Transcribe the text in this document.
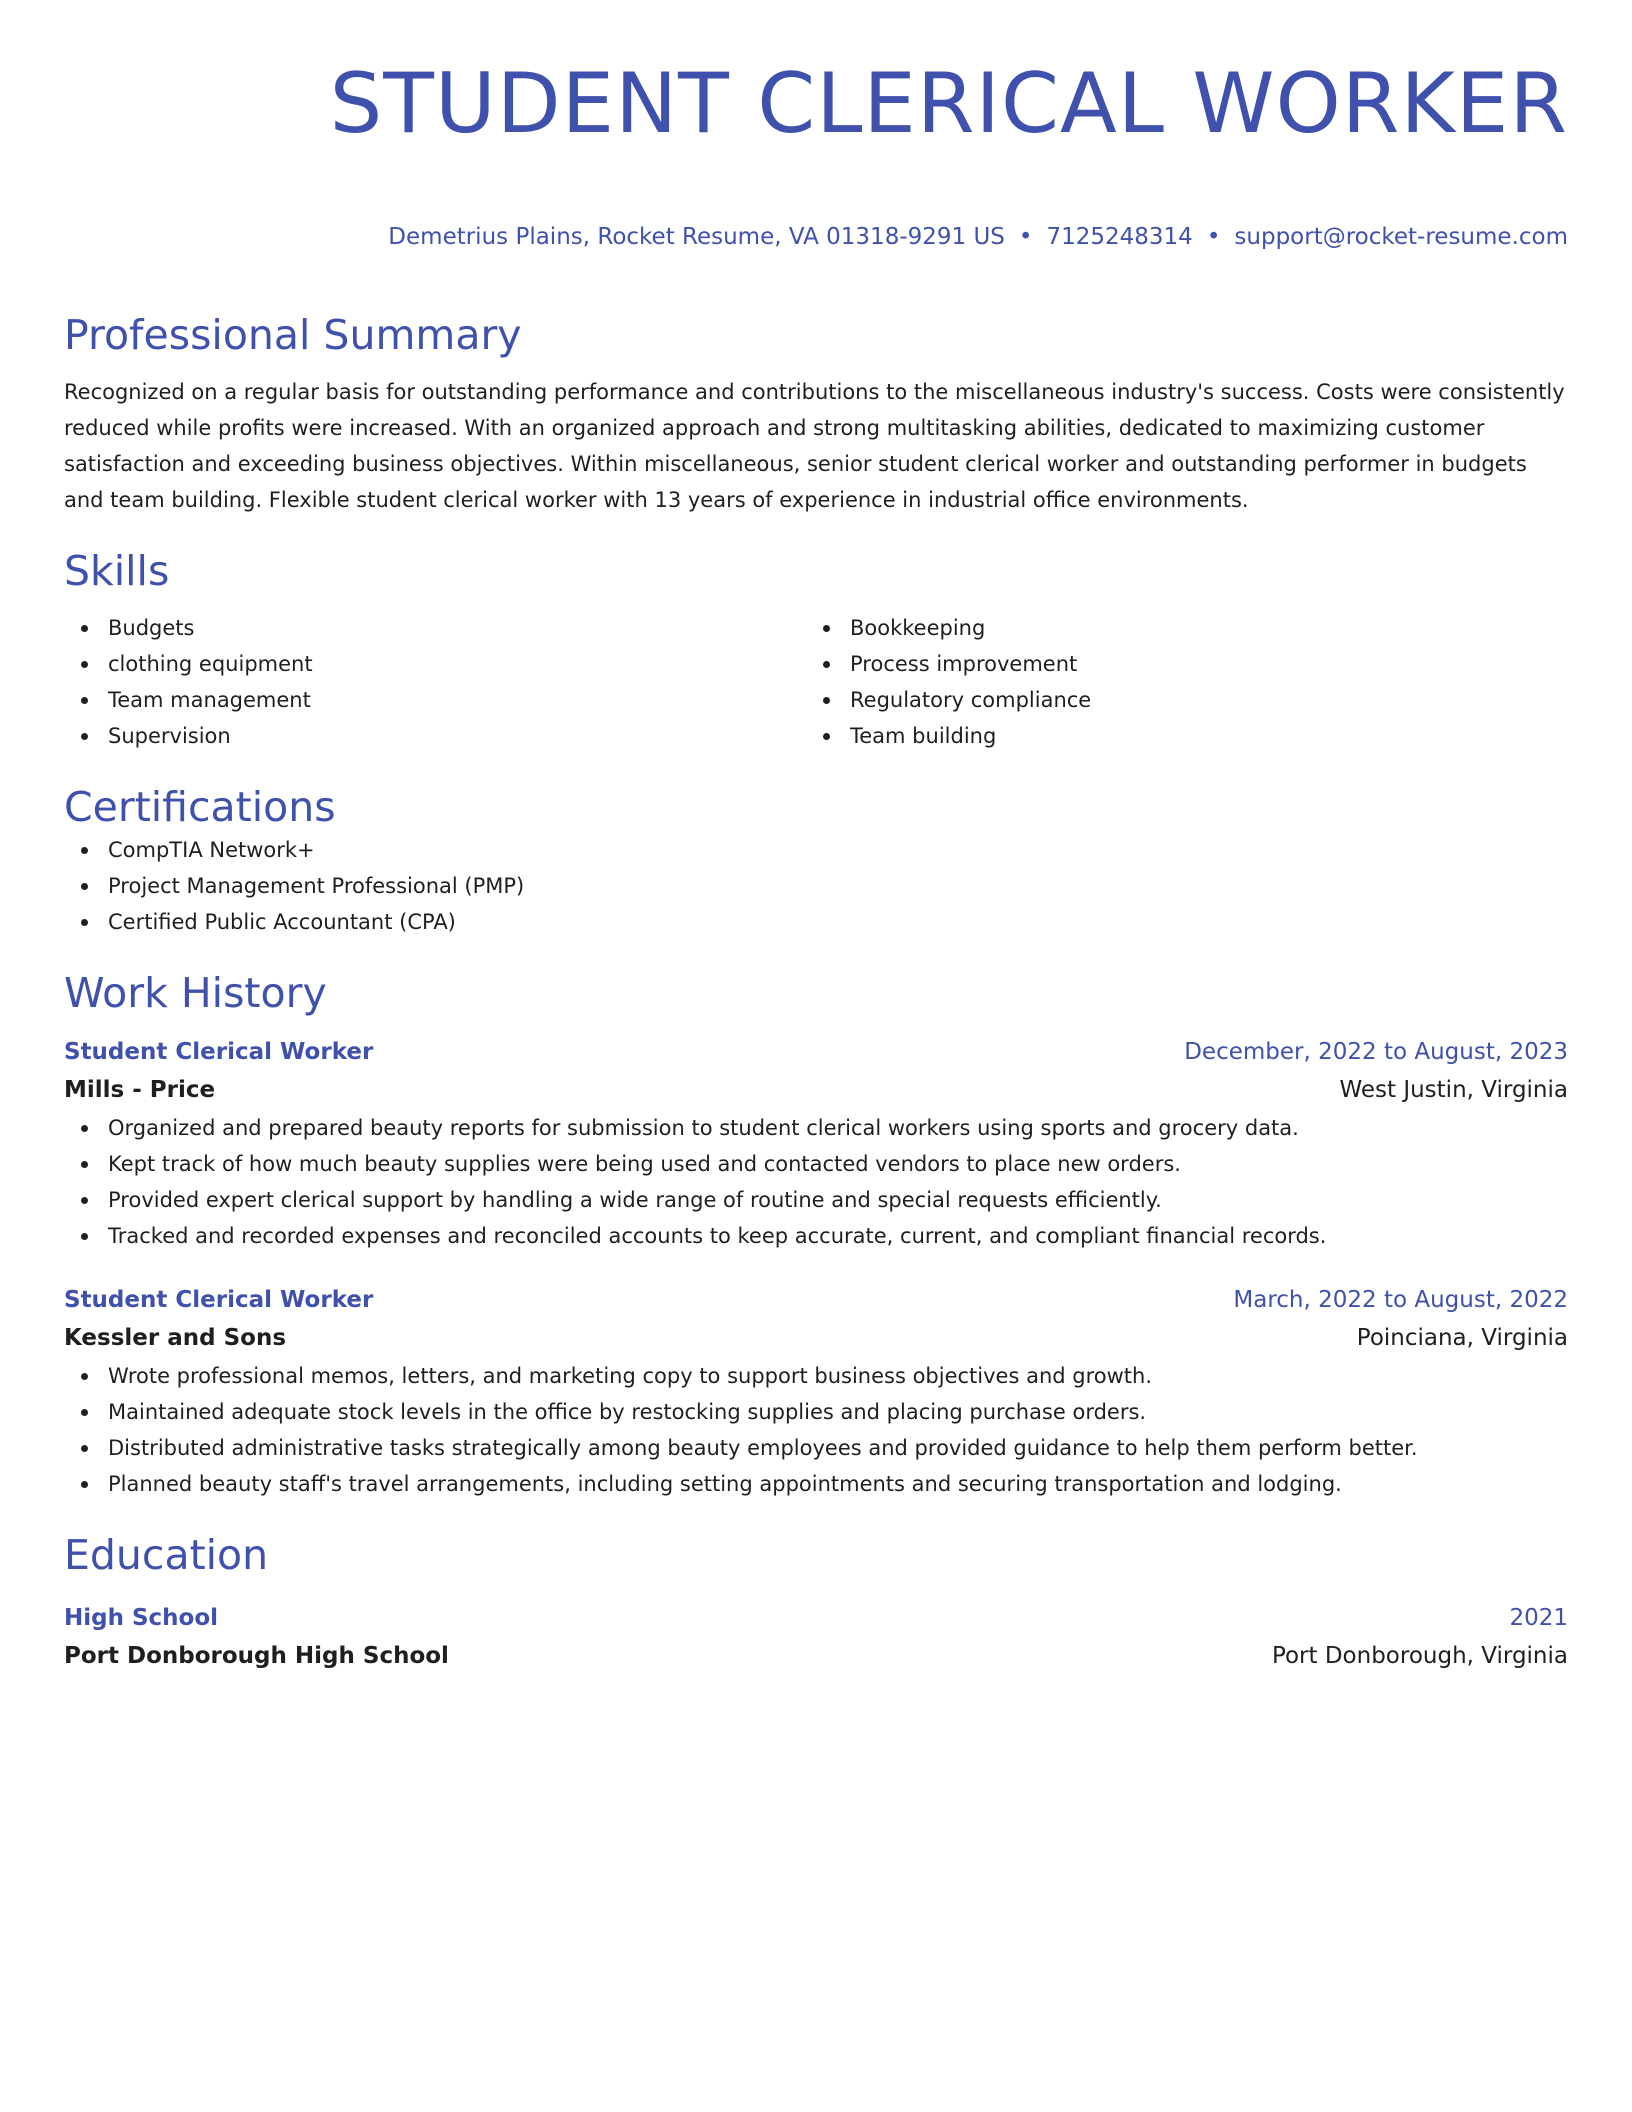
STUDENT CLERICAL WORKER
Demetrius Plains, Rocket Resume, VA 01318-9291 US • 7125248314 • support@rocket-resume.com
Professional Summary

Recognized on a regular basis for outstanding performance and contributions to the miscellaneous industry's success. Costs were consistently reduced while profits were increased. With an organized approach and strong multitasking abilities, dedicated to maximizing customer satisfaction and exceeding business objectives. Within miscellaneous, senior student clerical worker and outstanding performer in budgets and team building. Flexible student clerical worker with 13 years of experience in industrial office environments.

Skills
Budgets
clothing equipment
Team management
Supervision
Bookkeeping
Process improvement
Regulatory compliance
Team building
Certifications
CompTIA Network+
Project Management Professional (PMP)
Certified Public Accountant (CPA)
Work History
Student Clerical Worker	December, 2022 to August, 2023
Mills - Price	West Justin, Virginia
Organized and prepared beauty reports for submission to student clerical workers using sports and grocery data.
Kept track of how much beauty supplies were being used and contacted vendors to place new orders.
Provided expert clerical support by handling a wide range of routine and special requests efficiently.
Tracked and recorded expenses and reconciled accounts to keep accurate, current, and compliant financial records.
Student Clerical Worker	March, 2022 to August, 2022
Kessler and Sons	Poinciana, Virginia
Wrote professional memos, letters, and marketing copy to support business objectives and growth.
Maintained adequate stock levels in the office by restocking supplies and placing purchase orders.
Distributed administrative tasks strategically among beauty employees and provided guidance to help them perform better.
Planned beauty staff's travel arrangements, including setting appointments and securing transportation and lodging.
Education
High School	2021
Port Donborough High School	Port Donborough, Virginia
